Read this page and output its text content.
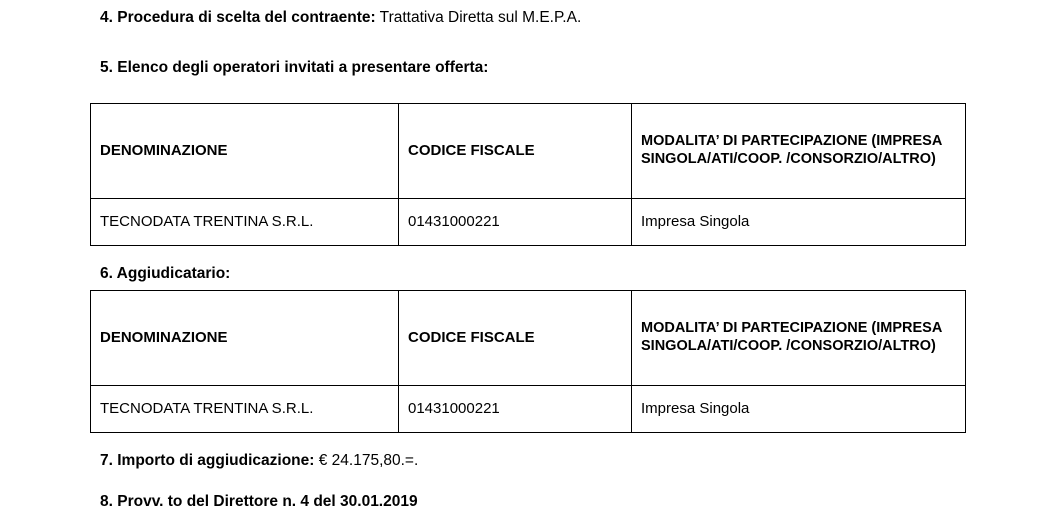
4. Procedura di scelta del contraente: Trattativa Diretta sul M.E.P.A.
5. Elenco degli operatori invitati a presentare offerta:
DENOMINAZIONE	CODICE FISCALE	MODALITA’ DI PARTECIPAZIONE (IMPRESA SINGOLA/ATI/COOP. /CONSORZIO/ALTRO)
TECNODATA TRENTINA S.R.L.	01431000221	Impresa Singola
6. Aggiudicatario:
DENOMINAZIONE	CODICE FISCALE	MODALITA’ DI PARTECIPAZIONE (IMPRESA SINGOLA/ATI/COOP. /CONSORZIO/ALTRO)
TECNODATA TRENTINA S.R.L.	01431000221	Impresa Singola
7. Importo di aggiudicazione: € 24.175,80.=.
8. Provv. to del Direttore n. 4 del 30.01.2019
